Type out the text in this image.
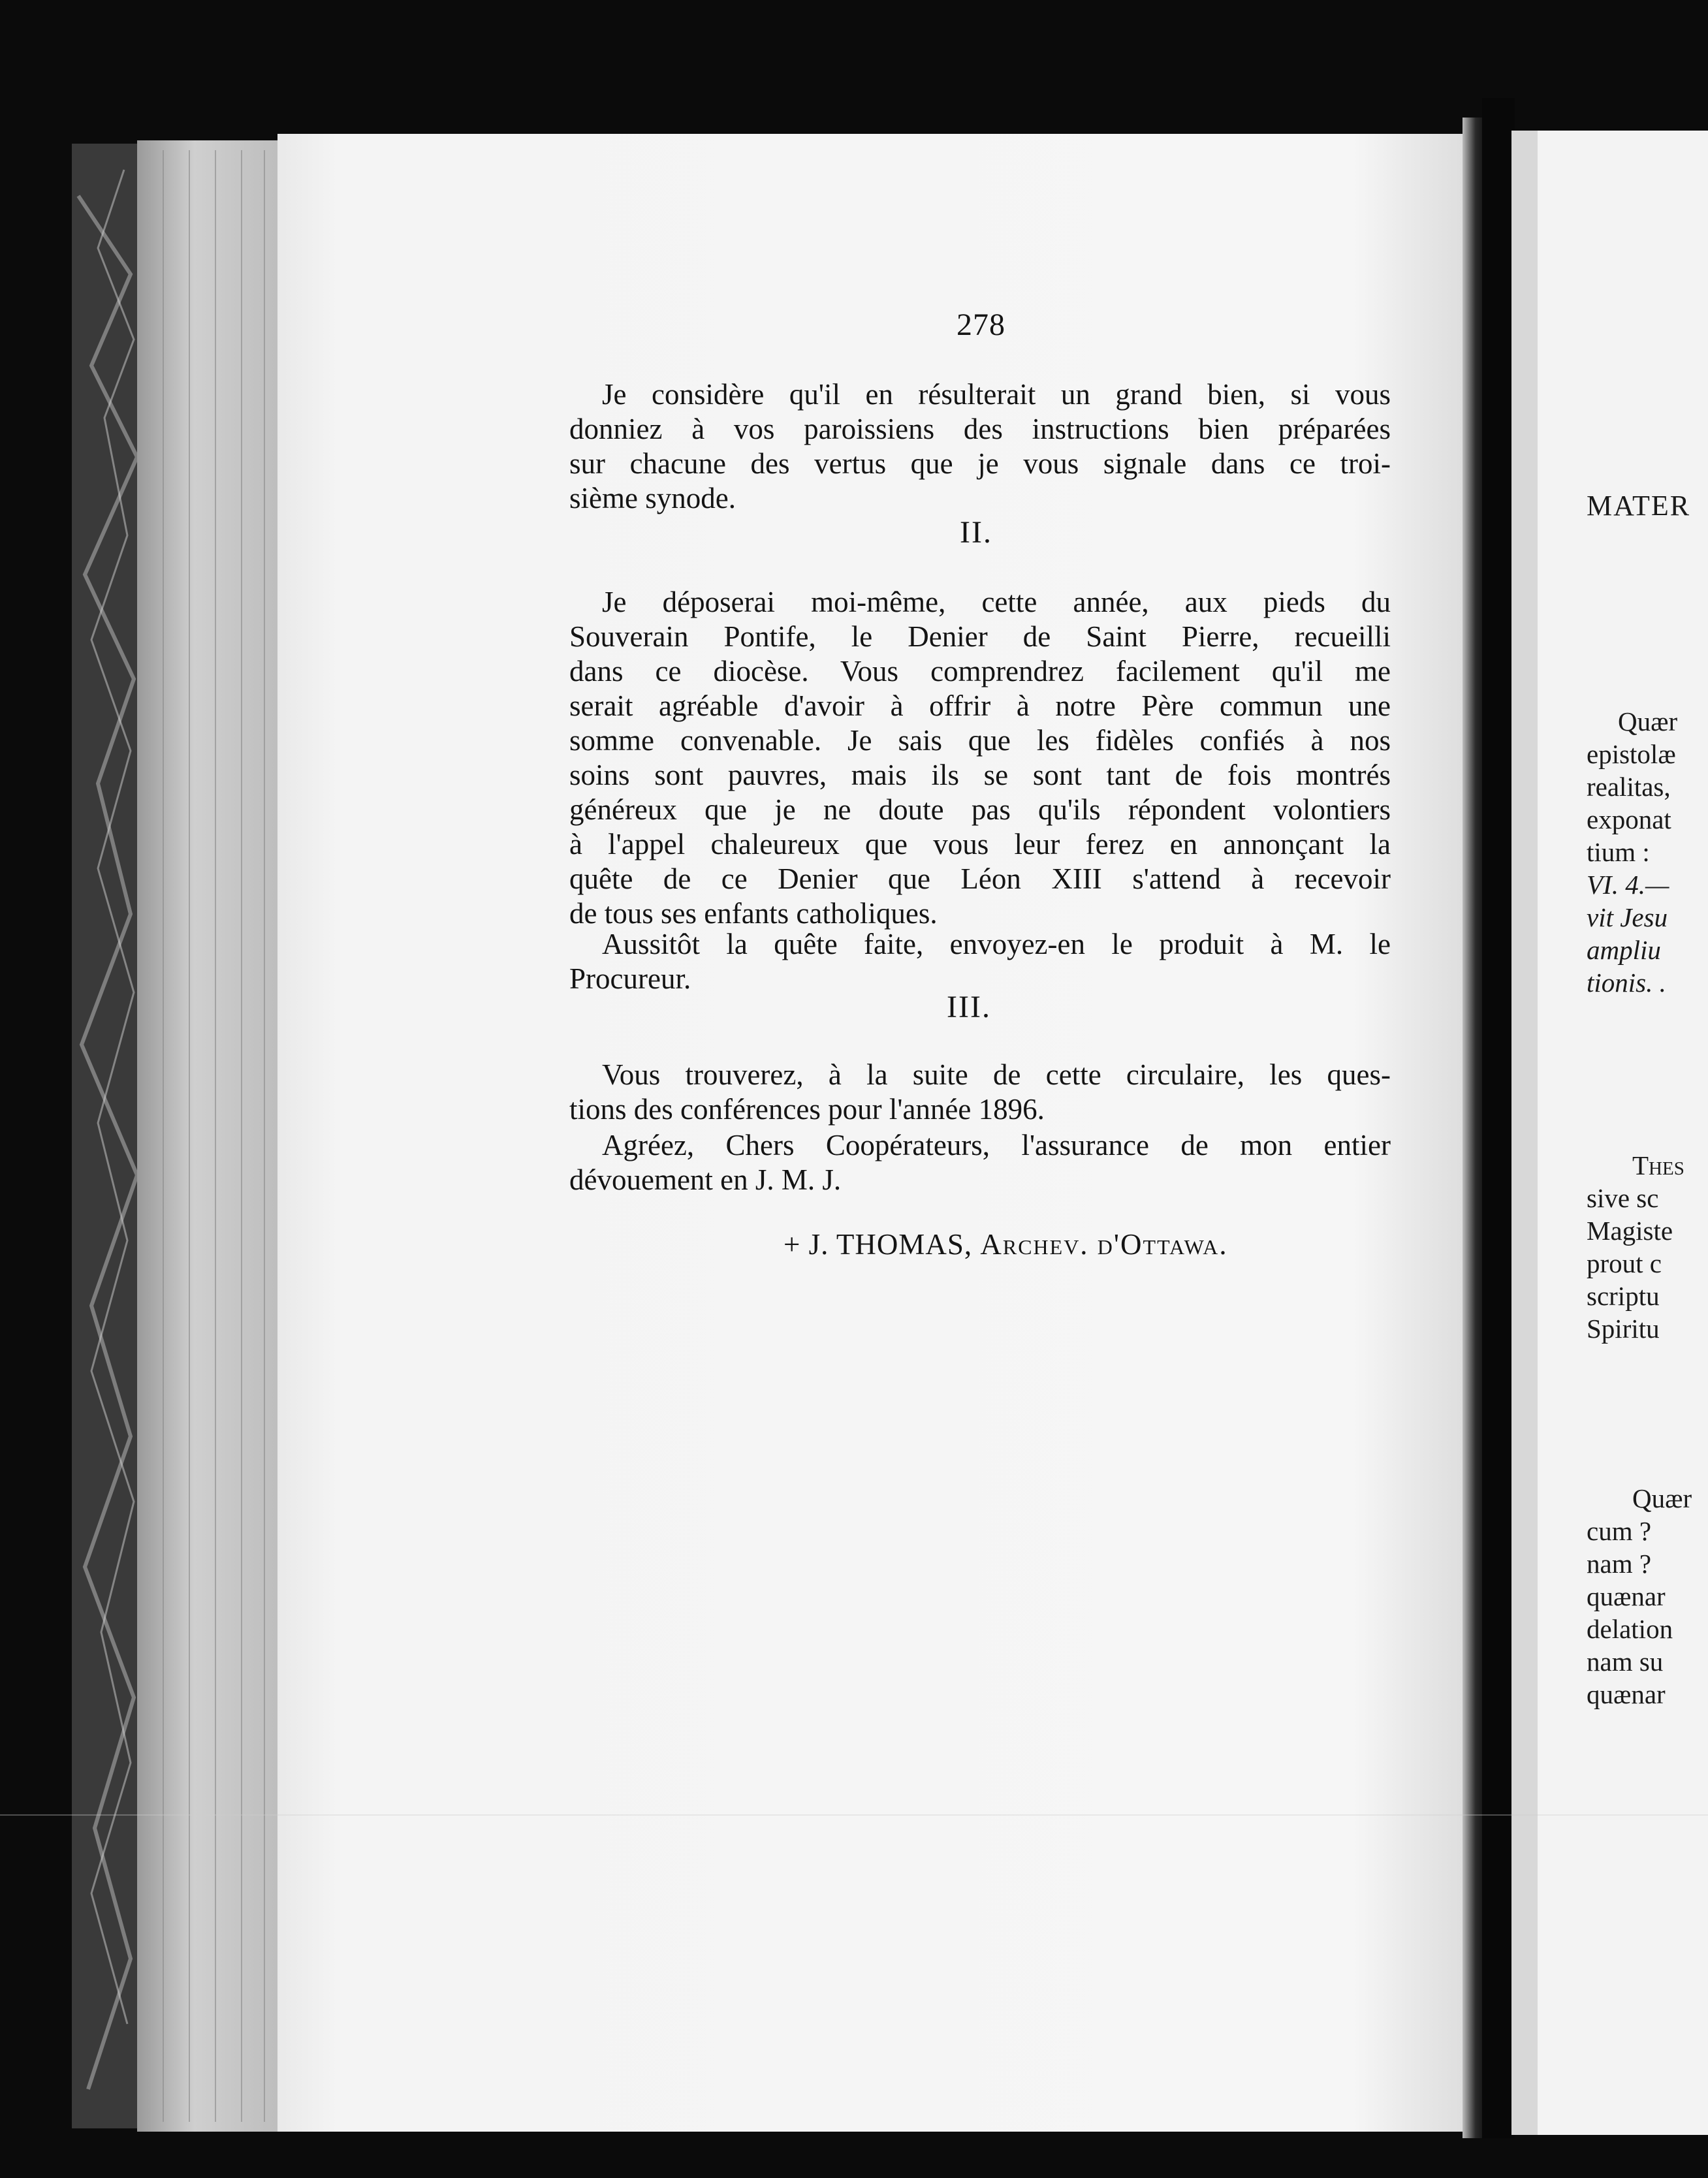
278
Je considère qu'il en résulterait un grand bien, si vous
donniez à vos paroissiens des instructions bien préparées
sur chacune des vertus que je vous signale dans ce troi-
sième synode.
II.
Je déposerai moi-même, cette année, aux pieds du
Souverain Pontife, le Denier de Saint Pierre, recueilli
dans ce diocèse. Vous comprendrez facilement qu'il me
serait agréable d'avoir à offrir à notre Père commun une
somme convenable. Je sais que les fidèles confiés à nos
soins sont pauvres, mais ils se sont tant de fois montrés
généreux que je ne doute pas qu'ils répondent volontiers
à l'appel chaleureux que vous leur ferez en annonçant la
quête de ce Denier que Léon XIII s'attend à recevoir
de tous ses enfants catholiques.
Aussitôt la quête faite, envoyez-en le produit à M. le
Procureur.
III.
Vous trouverez, à la suite de cette circulaire, les ques-
tions des conférences pour l'année 1896.
Agréez, Chers Coopérateurs, l'assurance de mon entier
dévouement en J. M. J.
+ J. THOMAS, Archev. d'Ottawa.
MATER
Quær
epistolæ
realitas,
exponat
tium :
VI. 4.—
vit Jesu
ampliu
tionis. .
Thes
sive sc
Magiste
prout c
scriptu
Spiritu
Quær
cum ?
nam ?
quænar
delation
nam su
quænar
